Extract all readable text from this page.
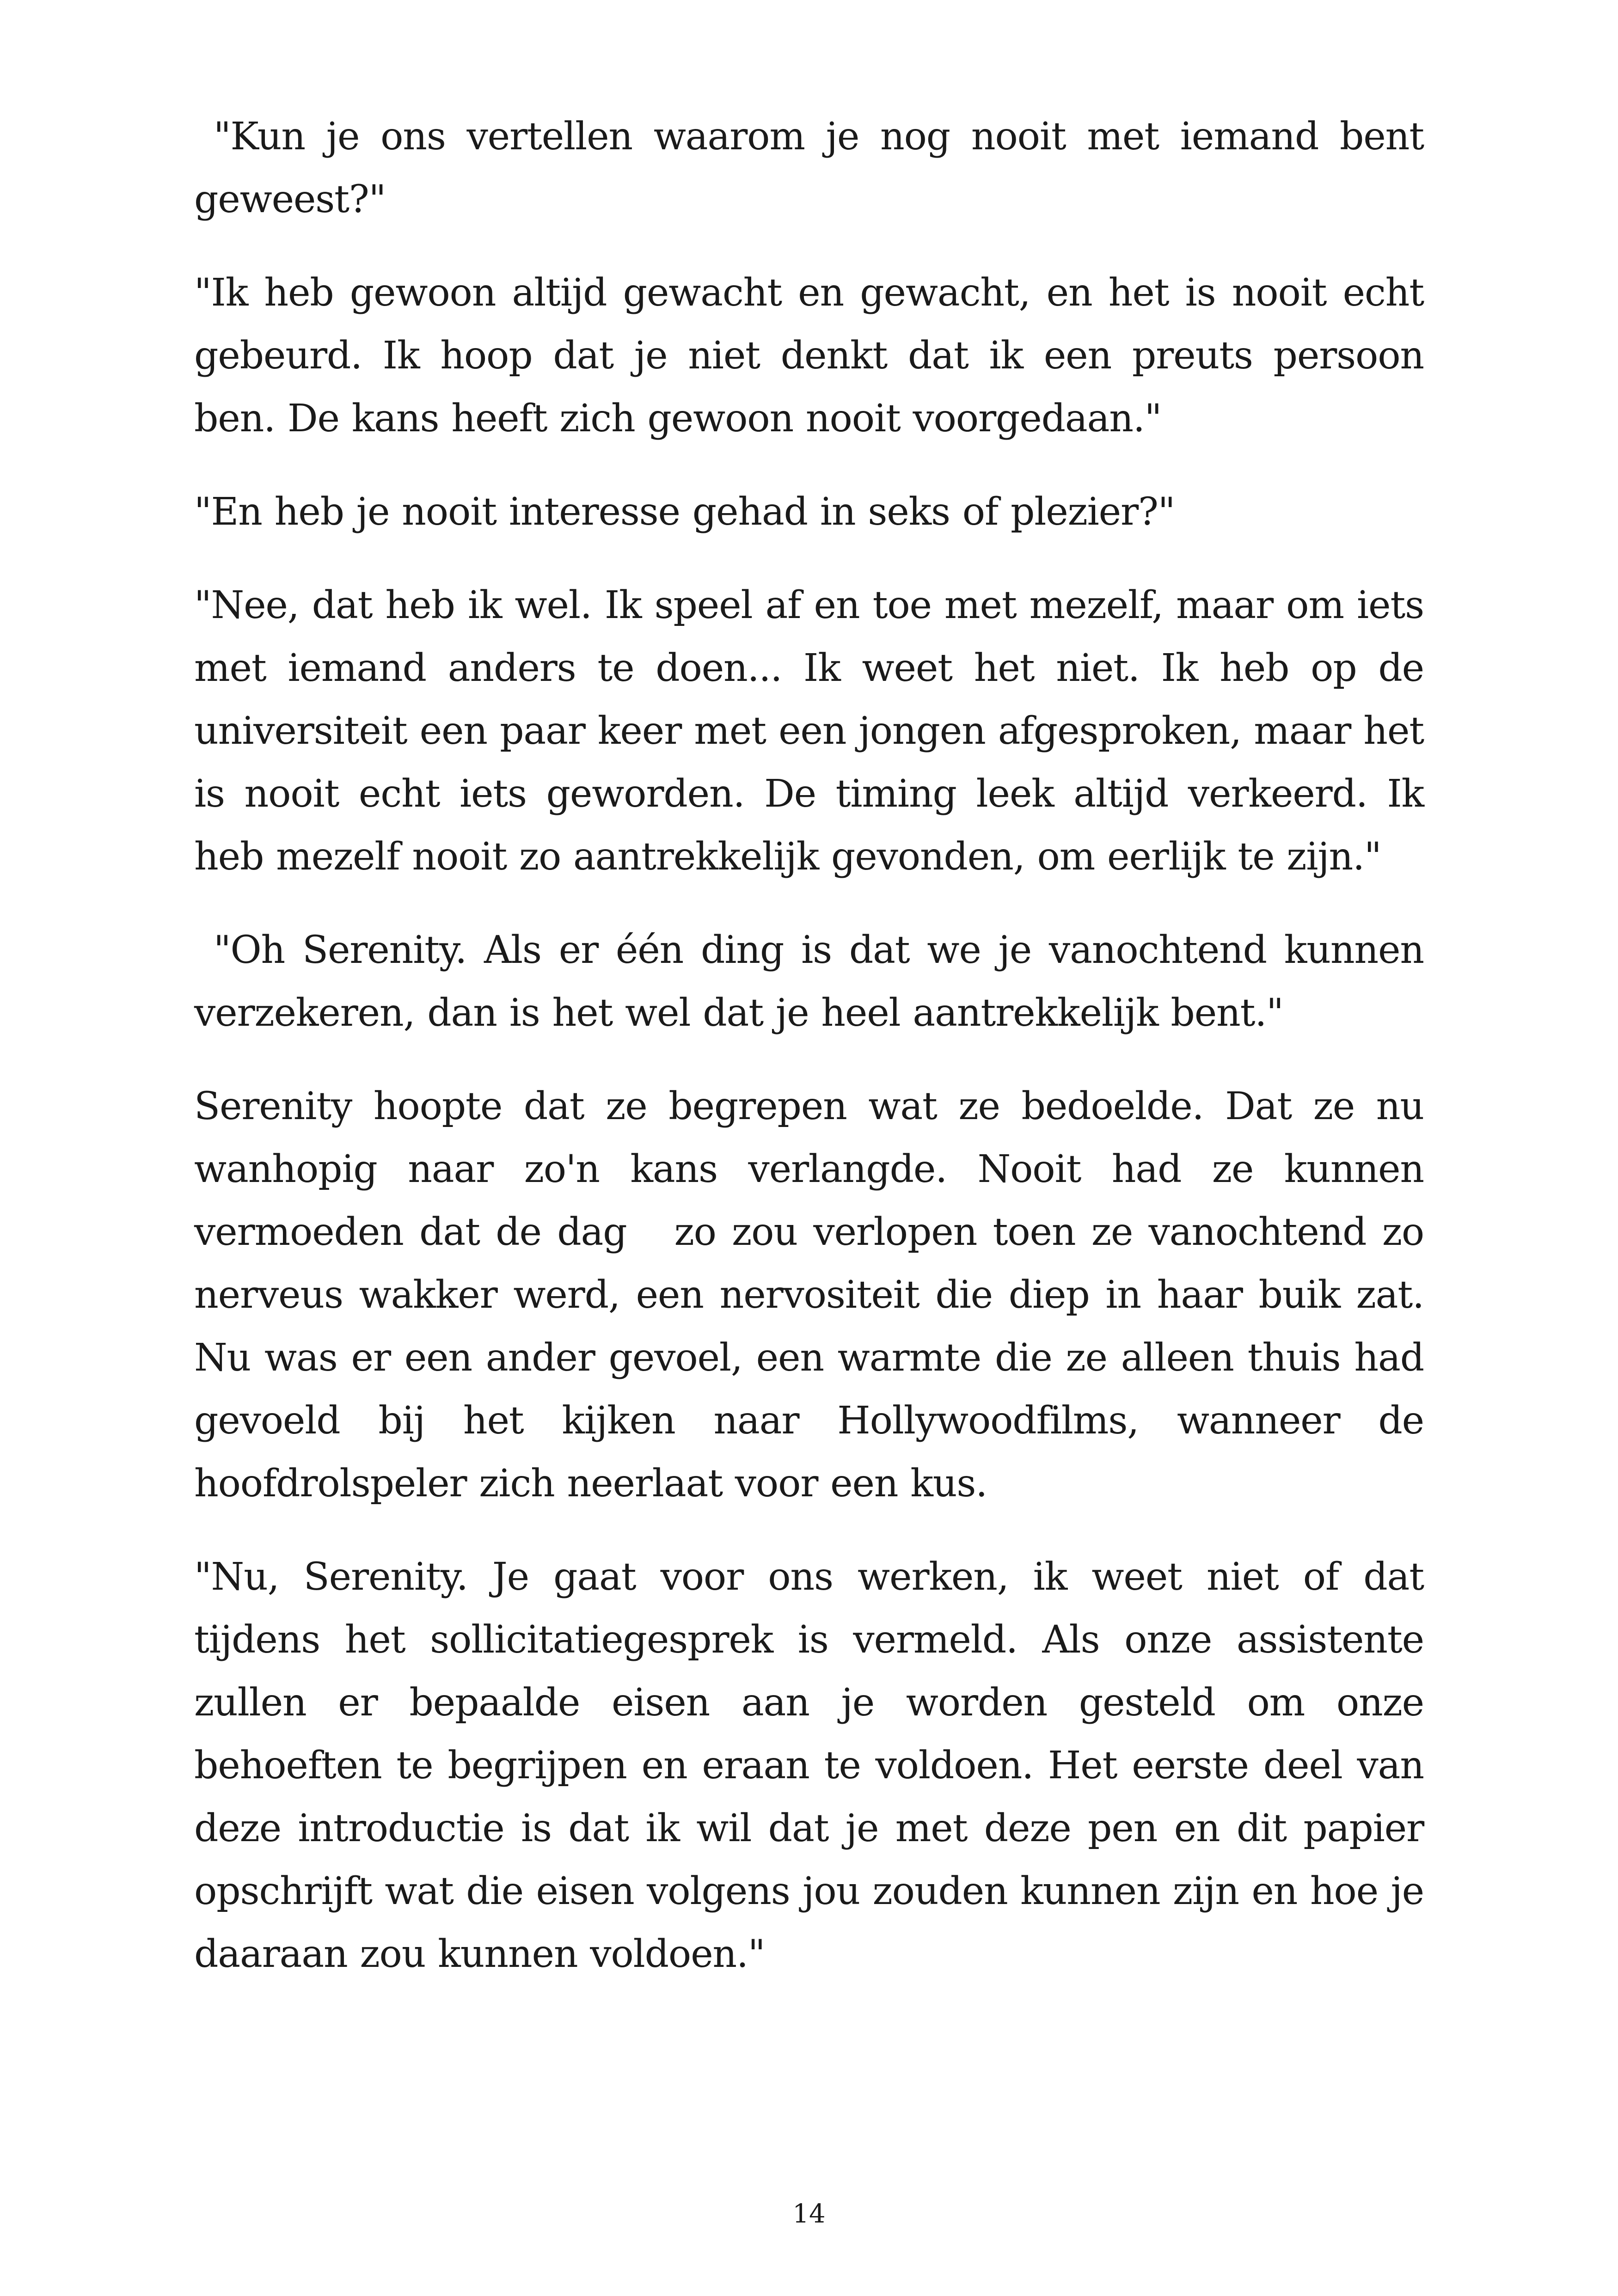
"Kun je ons vertellen waarom je nog nooit met iemand bent geweest?"

"Ik heb gewoon altijd gewacht en gewacht, en het is nooit echt gebeurd. Ik hoop dat je niet denkt dat ik een preuts persoon ben. De kans heeft zich gewoon nooit voorgedaan."

"En heb je nooit interesse gehad in seks of plezier?"

"Nee, dat heb ik wel. Ik speel af en toe met mezelf, maar om iets met iemand anders te doen... Ik weet het niet. Ik heb op de universiteit een paar keer met een jongen afgesproken, maar het is nooit echt iets geworden. De timing leek altijd verkeerd. Ik heb mezelf nooit zo aantrekkelijk gevonden, om eerlijk te zijn."

"Oh Serenity. Als er één ding is dat we je vanochtend kunnen verzekeren, dan is het wel dat je heel aantrekkelijk bent."

Serenity hoopte dat ze begrepen wat ze bedoelde. Dat ze nu wanhopig naar zo'n kans verlangde. Nooit had ze kunnen vermoeden dat de dag   zo zou verlopen toen ze vanochtend zo nerveus wakker werd, een nervositeit die diep in haar buik zat. Nu was er een ander gevoel, een warmte die ze alleen thuis had gevoeld bij het kijken naar Hollywoodfilms, wanneer de hoofdrolspeler zich neerlaat voor een kus.

"Nu, Serenity. Je gaat voor ons werken, ik weet niet of dat tijdens het sollicitatiegesprek is vermeld. Als onze assistente zullen er bepaalde eisen aan je worden gesteld om onze behoeften te begrijpen en eraan te voldoen. Het eerste deel van deze introductie is dat ik wil dat je met deze pen en dit papier opschrijft wat die eisen volgens jou zouden kunnen zijn en hoe je daaraan zou kunnen voldoen."

14
